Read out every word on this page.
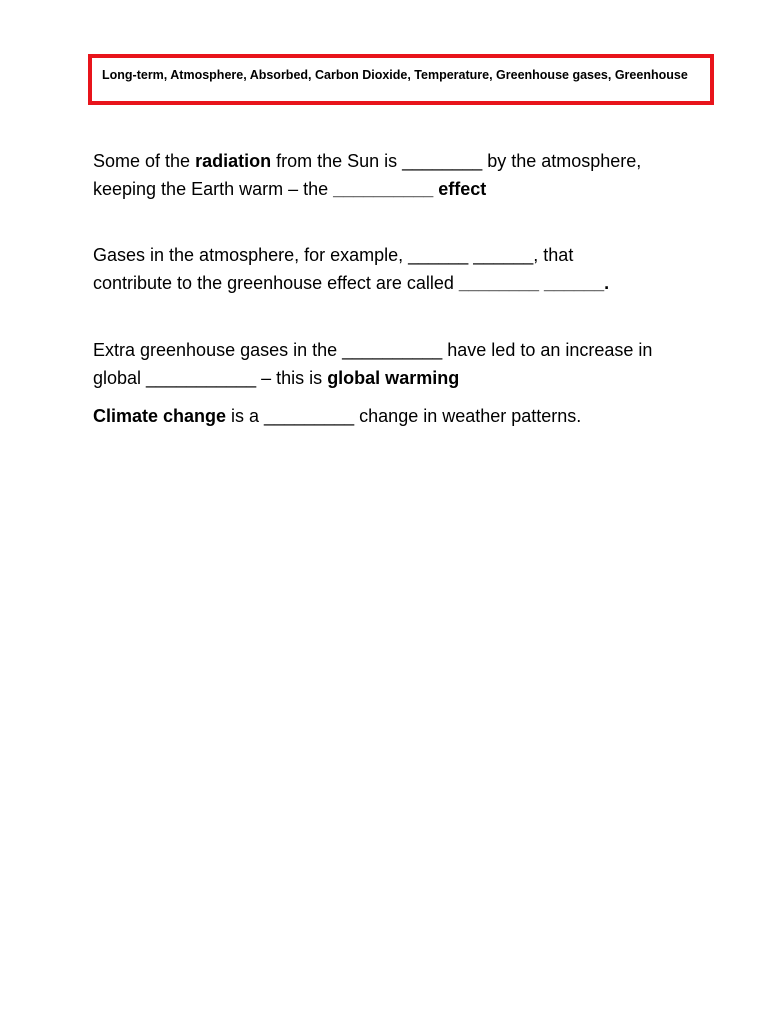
Long-term, Atmosphere, Absorbed, Carbon Dioxide, Temperature, Greenhouse gases, Greenhouse

Some of the radiation from the Sun is ________ by the atmosphere,
keeping the Earth warm – the __________ effect

Gases in the atmosphere, for example, ______ ______, that
contribute to the greenhouse effect are called ________ ______.

Extra greenhouse gases in the __________ have led to an increase in
global ___________ – this is global warming

Climate change is a _________ change in weather patterns.
